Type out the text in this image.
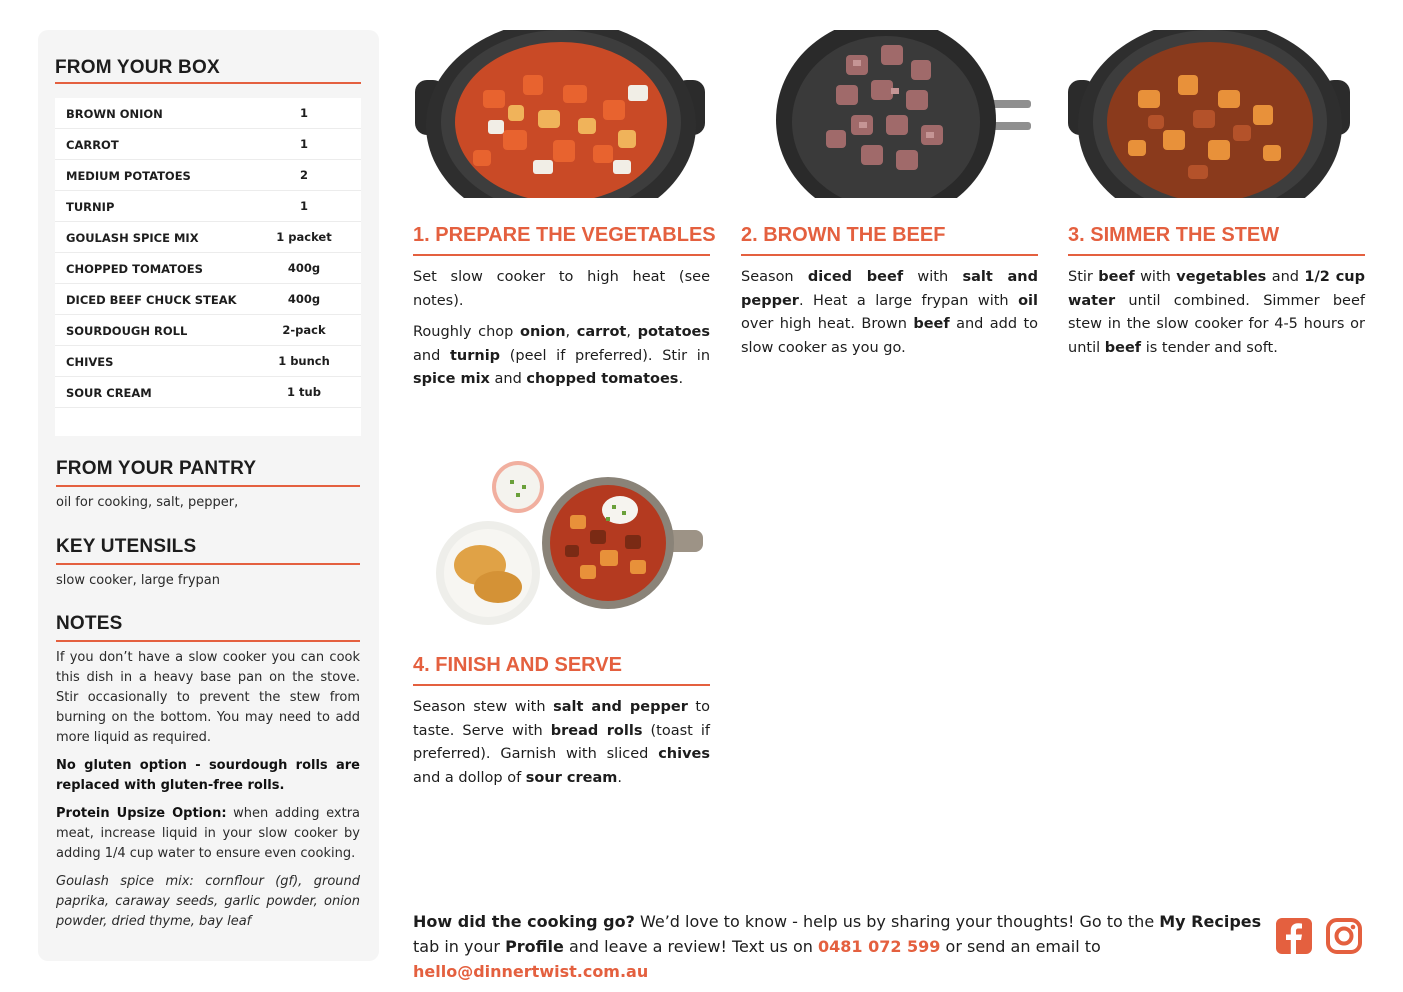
FROM YOUR BOX
BROWN ONION	1
CARROT	1
MEDIUM POTATOES	2
TURNIP	1
GOULASH SPICE MIX	1 packet
CHOPPED TOMATOES	400g
DICED BEEF CHUCK STEAK	400g
SOURDOUGH ROLL	2-pack
CHIVES	1 bunch
SOUR CREAM	1 tub
FROM YOUR PANTRY
oil for cooking, salt, pepper,
KEY UTENSILS
slow cooker, large frypan
NOTES
If you don’t have a slow cooker you can cook this dish in a heavy base pan on the stove. Stir occasionally to prevent the stew from burning on the bottom. You may need to add more liquid as required.
No gluten option - sourdough rolls are replaced with gluten-free rolls.
Protein Upsize Option: when adding extra meat, increase liquid in your slow cooker by adding 1/4 cup water to ensure even cooking.
Goulash spice mix: cornflour (gf), ground paprika, caraway seeds, garlic powder, onion powder, dried thyme, bay leaf
1. PREPARE THE VEGETABLES

Set slow cooker to high heat (see notes).

Roughly chop onion, carrot, potatoes and turnip (peel if preferred). Stir in spice mix and chopped tomatoes.

2. BROWN THE BEEF

Season diced beef with salt and pepper. Heat a large frypan with oil over high heat. Brown beef and add to slow cooker as you go.

3. SIMMER THE STEW

Stir beef with vegetables and 1/2 cup water until combined. Simmer beef stew in the slow cooker for 4-5 hours or until beef is tender and soft.

4. FINISH AND SERVE

Season stew with salt and pepper to taste. Serve with bread rolls (toast if preferred). Garnish with sliced chives and a dollop of sour cream.

How did the cooking go? We’d love to know - help us by sharing your thoughts! Go to the My Recipes tab in your Profile and leave a review! Text us on 0481 072 599 or send an email to hello@dinnertwist.com.au
